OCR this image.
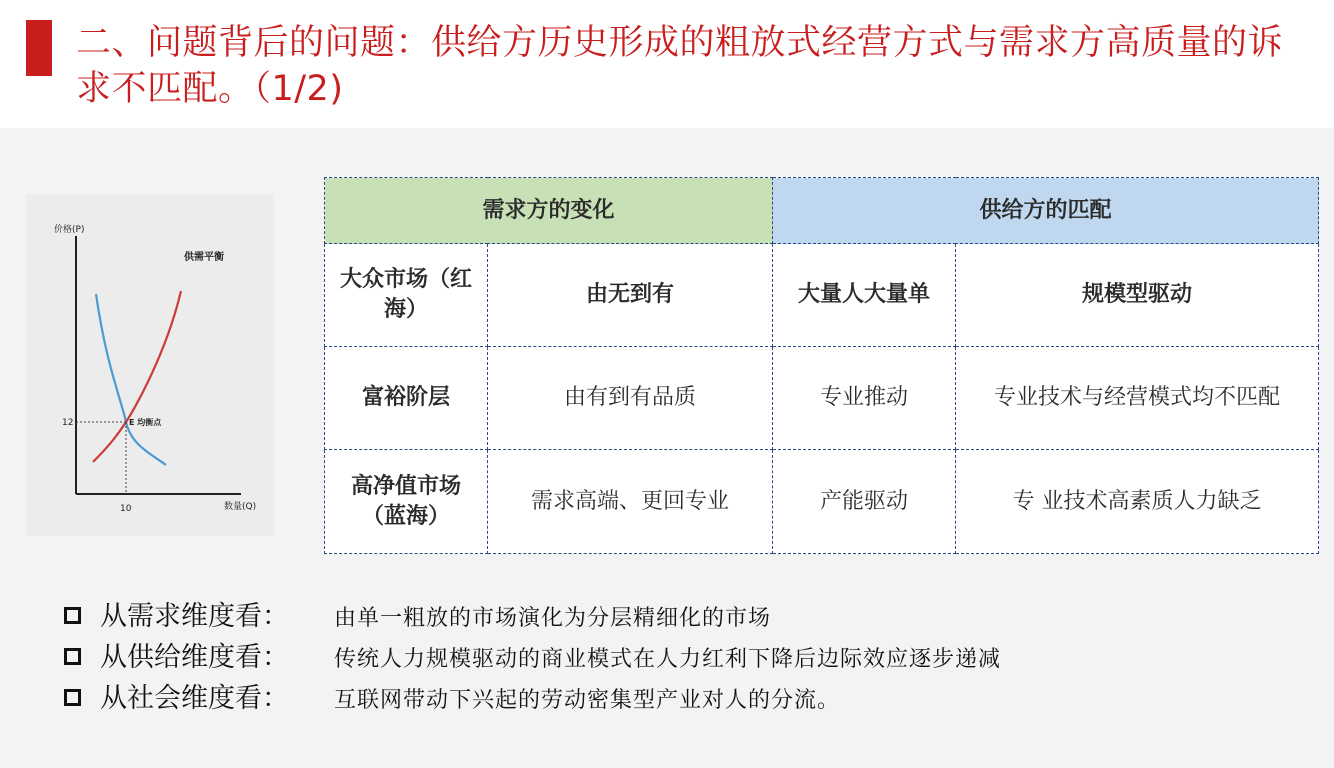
二、问题背后的问题：供给方历史形成的粗放式经营方式与需求方高质量的诉求不匹配。（1/2)
价格(P)
数量(Q)
供需平衡
12
10
E 均衡点
需求方的变化		供给方的匹配	
大众市场（红海）	由无到有	大量人大量单	规模型驱动
富裕阶层	由有到有品质	专业推动	专业技术与经营模式均不匹配
高净值市场（蓝海）	需求高端、更回专业	产能驱动	专 业技术高素质人力缺乏
从需求维度看： 由单一粗放的市场演化为分层精细化的市场
从供给维度看： 传统人力规模驱动的商业模式在人力红利下降后边际效应逐步递减
从社会维度看： 互联网带动下兴起的劳动密集型产业对人的分流。
